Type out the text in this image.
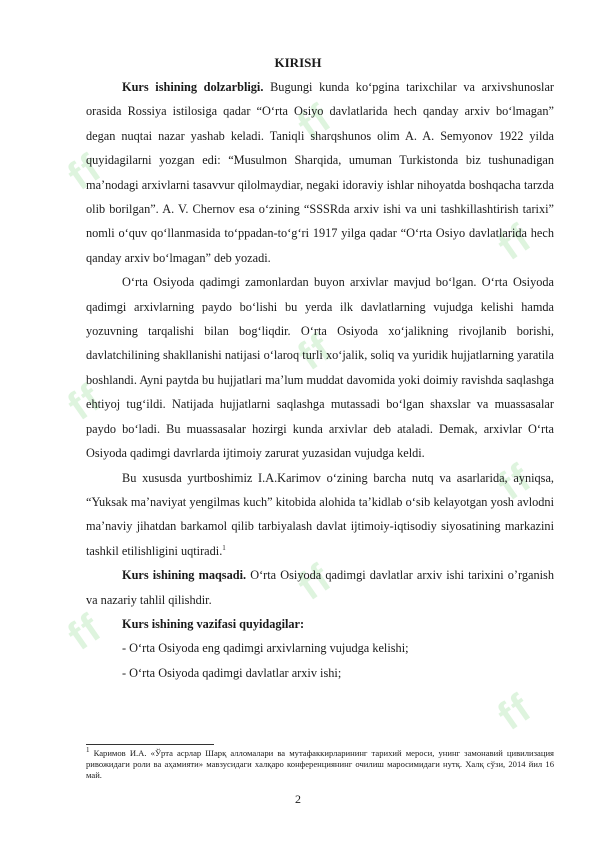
ff
ff
ff
ff
ff
ff
ff
ff
ff
KIRISH

Kurs ishining dolzarbligi. Bugungi kunda ko‘pgina tarixchilar va arxivshunoslar orasida Rossiya istilosiga qadar “O‘rta Osiyo davlatlarida hech qanday arxiv bo‘lmagan” degan nuqtai nazar yashab keladi. Taniqli sharqshunos olim A. A. Semyonov 1922 yilda quyidagilarni yozgan edi: “Musulmon Sharqida, umuman Turkistonda biz tushunadigan ma’nodagi arxivlarni tasavvur qilolmaydiar, negaki idoraviy ishlar nihoyatda boshqacha tarzda olib borilgan”. A. V. Chernov esa o‘zining “SSSRda arxiv ishi va uni tashkillashtirish tarixi” nomli o‘quv qo‘llanmasida to‘ppadan-to‘g‘ri 1917 yilga qadar “O‘rta Osiyo davlatlarida hech qanday arxiv bo‘lmagan” deb yozadi.

O‘rta Osiyoda qadimgi zamonlardan buyon arxivlar mavjud bo‘lgan. O‘rta Osiyoda qadimgi arxivlarning paydo bo‘lishi bu yerda ilk davlatlarning vujudga kelishi hamda yozuvning tarqalishi bilan bog‘liqdir. O‘rta Osiyoda xo‘jalikning rivojlanib borishi, davlatchilining shakllanishi natijasi o‘laroq turli xo‘jalik, soliq va yuridik hujjatlarning yaratila boshlandi. Ayni paytda bu hujjatlari ma’lum muddat davomida yoki doimiy ravishda saqlashga ehtiyoj tug‘ildi. Natijada hujjatlarni saqlashga mutassadi bo‘lgan shaxslar va muassasalar paydo bo‘ladi. Bu muassasalar hozirgi kunda arxivlar deb ataladi. Demak, arxivlar O‘rta Osiyoda qadimgi davrlarda ijtimoiy zarurat yuzasidan vujudga keldi.

Bu xususda yurtboshimiz I.A.Karimov o‘zining barcha nutq va asarlarida, ayniqsa, “Yuksak ma’naviyat yengilmas kuch” kitobida alohida ta’kidlab o‘sib kelayotgan yosh avlodni ma’naviy jihatdan barkamol qilib tarbiyalash davlat ijtimoiy-iqtisodiy siyosatining markazini tashkil etilishligini uqtiradi.$^1$

Kurs ishining maqsadi. O‘rta Osiyoda qadimgi davlatlar arxiv ishi tarixini o’rganish va nazariy tahlil qilishdir.

Kurs ishining vazifasi quyidagilar:

- O‘rta Osiyoda eng qadimgi arxivlarning vujudga kelishi;

- O‘rta Osiyoda qadimgi davlatlar arxiv ishi;

$^1$ Каримов И.А. «Ўрта асрлар Шарқ алломалари ва мутафаккирларининг тарихий мероси, унинг замонавий цивилизация ривожидаги роли ва аҳамияти» мавзусидаги халқаро конференциянинг очилиш маросимидаги нутқ. Халқ сўзи, 2014 йил 16 май.
2
